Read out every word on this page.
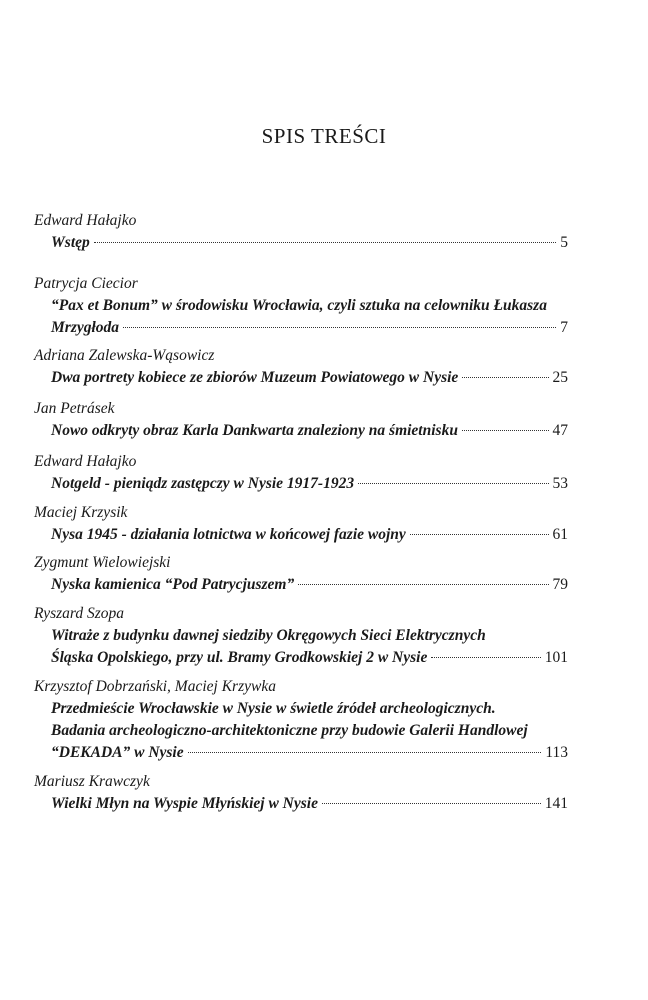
SPIS TREŚCI
Edward Hałajko
Wstęp	5
Patrycja Ciecior
“Pax et Bonum” w środowisku Wrocławia, czyli sztuka na celowniku Łukasza
Mrzygłoda	7
Adriana Zalewska-Wąsowicz
Dwa portrety kobiece ze zbiorów Muzeum Powiatowego w Nysie	25
Jan Petrásek
Nowo odkryty obraz Karla Dankwarta znaleziony na śmietnisku	47
Edward Hałajko
Notgeld - pieniądz zastępczy w Nysie 1917-1923	53
Maciej Krzysik
Nysa 1945 - działania lotnictwa w końcowej fazie wojny	61
Zygmunt Wielowiejski
Nyska kamienica “Pod Patrycjuszem”	79
Ryszard Szopa
Witraże z budynku dawnej siedziby Okręgowych Sieci Elektrycznych
Śląska Opolskiego, przy ul. Bramy Grodkowskiej 2 w Nysie	101
Krzysztof Dobrzański, Maciej Krzywka
Przedmieście Wrocławskie w Nysie w świetle źródeł archeologicznych.
Badania archeologiczno-architektoniczne przy budowie Galerii Handlowej
“DEKADA” w Nysie	113
Mariusz Krawczyk
Wielki Młyn na Wyspie Młyńskiej w Nysie	141
